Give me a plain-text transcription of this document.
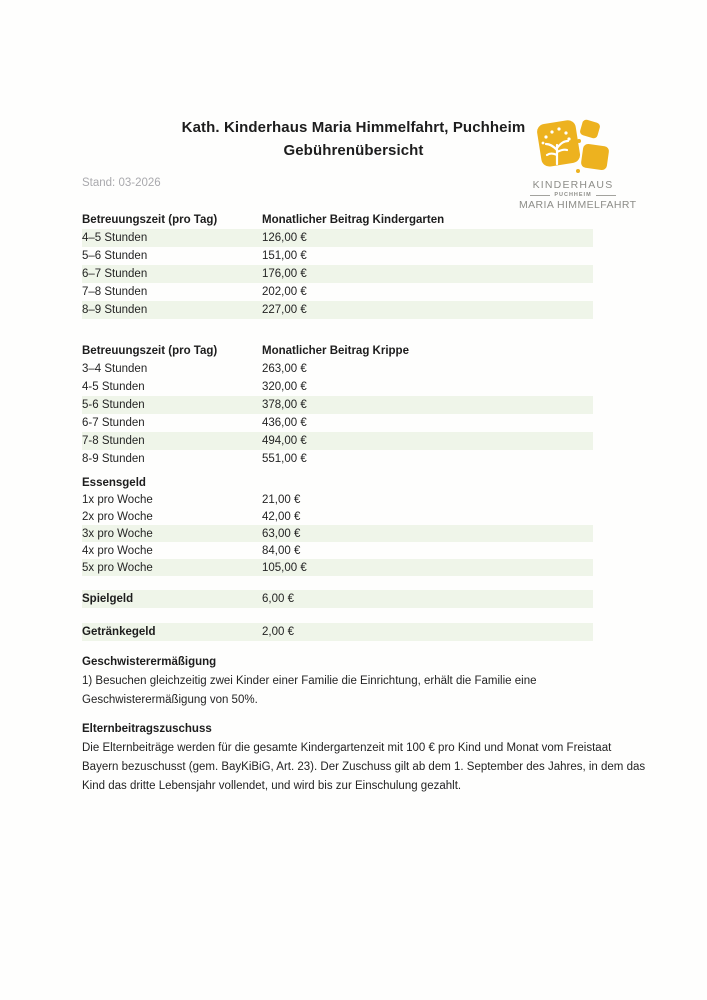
Kath. Kinderhaus Maria Himmelfahrt, Puchheim
Gebührenübersicht
KINDERHAUS
PUCHHEIM
MARIA HIMMELFAHRT
Stand: 03-2026
Betreuungszeit (pro Tag)	Monatlicher Beitrag Kindergarten
4–5 Stunden	126,00 €
5–6 Stunden	151,00 €
6–7 Stunden	176,00 €
7–8 Stunden	202,00 €
8–9 Stunden	227,00 €
Betreuungszeit (pro Tag)	Monatlicher Beitrag Krippe
3–4 Stunden	263,00 €
4-5 Stunden	320,00 €
5-6 Stunden	378,00 €
6-7 Stunden	436,00 €
7-8 Stunden	494,00 €
8-9 Stunden	551,00 €
Essensgeld
1x pro Woche	21,00 €
2x pro Woche	42,00 €
3x pro Woche	63,00 €
4x pro Woche	84,00 €
5x pro Woche	105,00 €
Spielgeld	6,00 €
Getränkegeld	2,00 €
Geschwisterermäßigung
1) Besuchen gleichzeitig zwei Kinder einer Familie die Einrichtung, erhält die Familie eine
Geschwisterermäßigung von 50%.
Elternbeitragszuschuss
Die Elternbeiträge werden für die gesamte Kindergartenzeit mit 100 € pro Kind und Monat vom Freistaat
Bayern bezuschusst (gem. BayKiBiG, Art. 23). Der Zuschuss gilt ab dem 1. September des Jahres, in dem das
Kind das dritte Lebensjahr vollendet, und wird bis zur Einschulung gezahlt.
